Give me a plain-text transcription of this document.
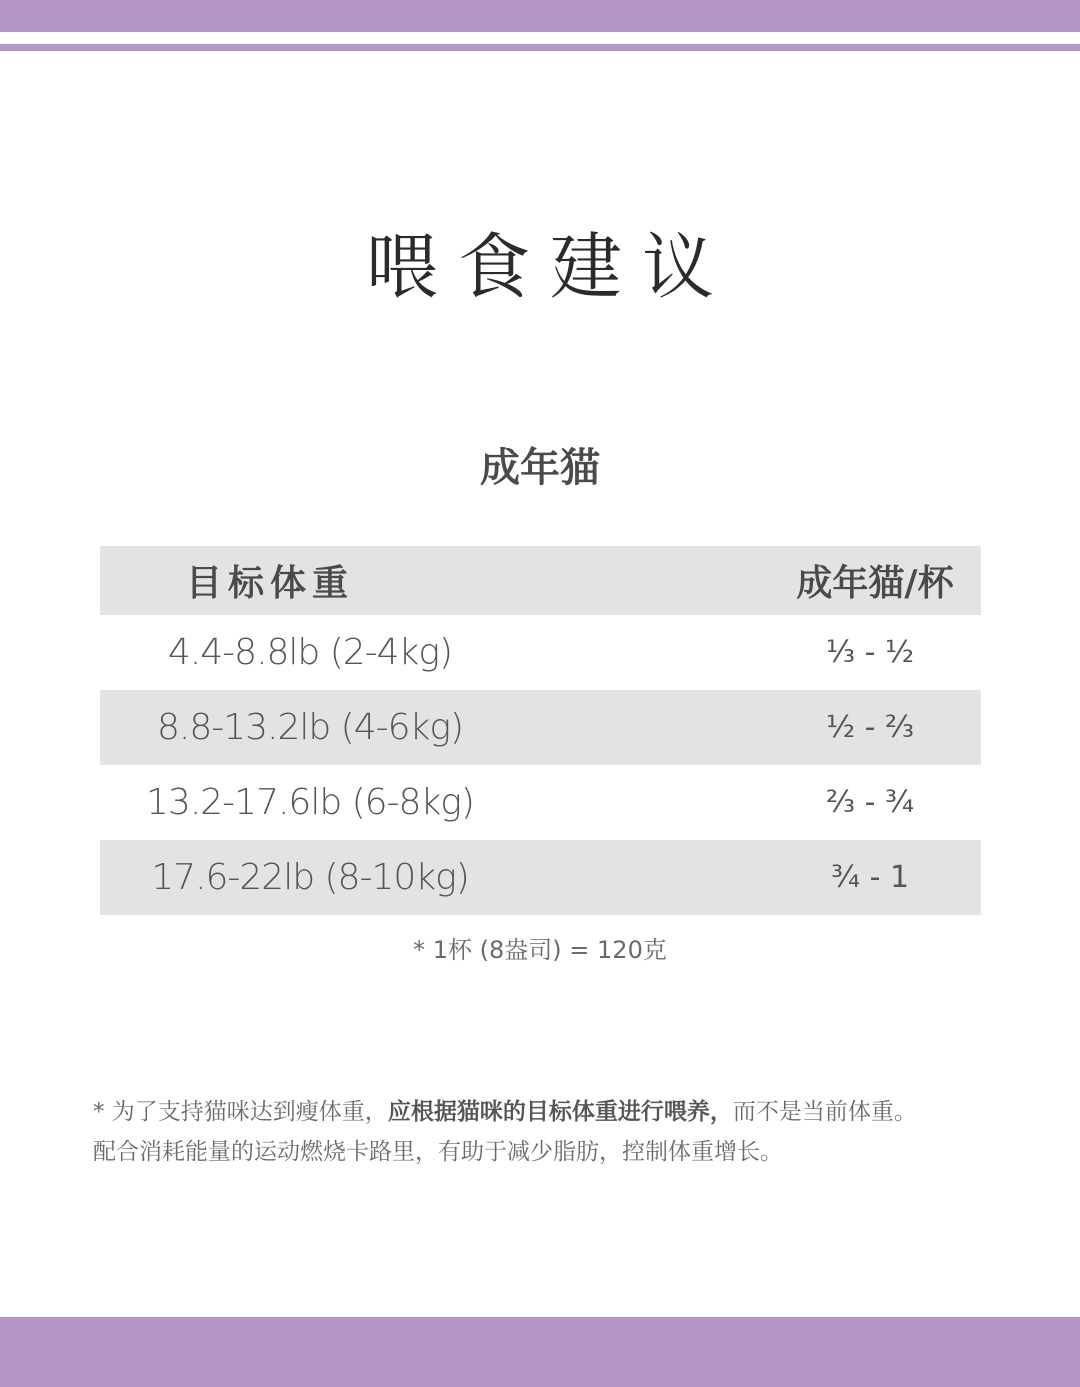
喂食建议
成年猫
目标体重	成年猫/杯
4.4-8.8lb (2-4kg)	⅓ - ½
8.8-13.2lb (4-6kg)	½ - ⅔
13.2-17.6lb (6-8kg)	⅔ - ¾
17.6-22lb (8-10kg)	¾ - 1
* 1杯 (8盎司) = 120克

* 为了支持猫咪达到瘦体重，应根据猫咪的目标体重进行喂养，而不是当前体重。

配合消耗能量的运动燃烧卡路里，有助于减少脂肪，控制体重增长。
